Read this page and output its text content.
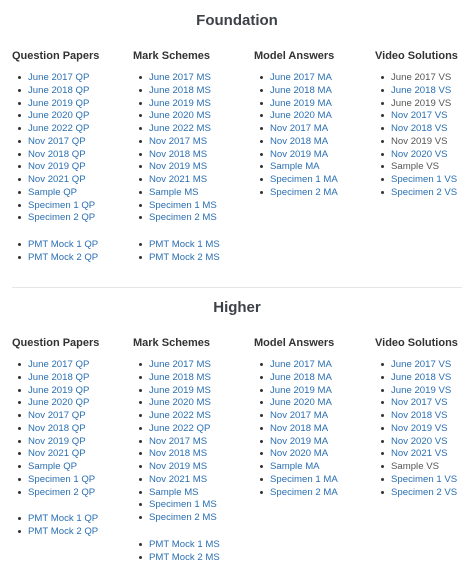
Foundation
Question Papers
June 2017 QP
June 2018 QP
June 2019 QP
June 2020 QP
June 2022 QP
Nov 2017 QP
Nov 2018 QP
Nov 2019 QP
Nov 2021 QP
Sample QP
Specimen 1 QP
Specimen 2 QP
PMT Mock 1 QP
PMT Mock 2 QP
Mark Schemes
June 2017 MS
June 2018 MS
June 2019 MS
June 2020 MS
June 2022 MS
Nov 2017 MS
Nov 2018 MS
Nov 2019 MS
Nov 2021 MS
Sample MS
Specimen 1 MS
Specimen 2 MS
PMT Mock 1 MS
PMT Mock 2 MS
Model Answers
June 2017 MA
June 2018 MA
June 2019 MA
June 2020 MA
Nov 2017 MA
Nov 2018 MA
Nov 2019 MA
Sample MA
Specimen 1 MA
Specimen 2 MA
Video Solutions
June 2017 VS
June 2018 VS
June 2019 VS
Nov 2017 VS
Nov 2018 VS
Nov 2019 VS
Nov 2020 VS
Sample VS
Specimen 1 VS
Specimen 2 VS
Higher
Question Papers
June 2017 QP
June 2018 QP
June 2019 QP
June 2020 QP
Nov 2017 QP
Nov 2018 QP
Nov 2019 QP
Nov 2021 QP
Sample QP
Specimen 1 QP
Specimen 2 QP
PMT Mock 1 QP
PMT Mock 2 QP
Mark Schemes
June 2017 MS
June 2018 MS
June 2019 MS
June 2020 MS
June 2022 MS
June 2022 QP
Nov 2017 MS
Nov 2018 MS
Nov 2019 MS
Nov 2021 MS
Sample MS
Specimen 1 MS
Specimen 2 MS
PMT Mock 1 MS
PMT Mock 2 MS
Model Answers
June 2017 MA
June 2018 MA
June 2019 MA
June 2020 MA
Nov 2017 MA
Nov 2018 MA
Nov 2019 MA
Nov 2020 MA
Sample MA
Specimen 1 MA
Specimen 2 MA
Video Solutions
June 2017 VS
June 2018 VS
June 2019 VS
Nov 2017 VS
Nov 2018 VS
Nov 2019 VS
Nov 2020 VS
Nov 2021 VS
Sample VS
Specimen 1 VS
Specimen 2 VS
